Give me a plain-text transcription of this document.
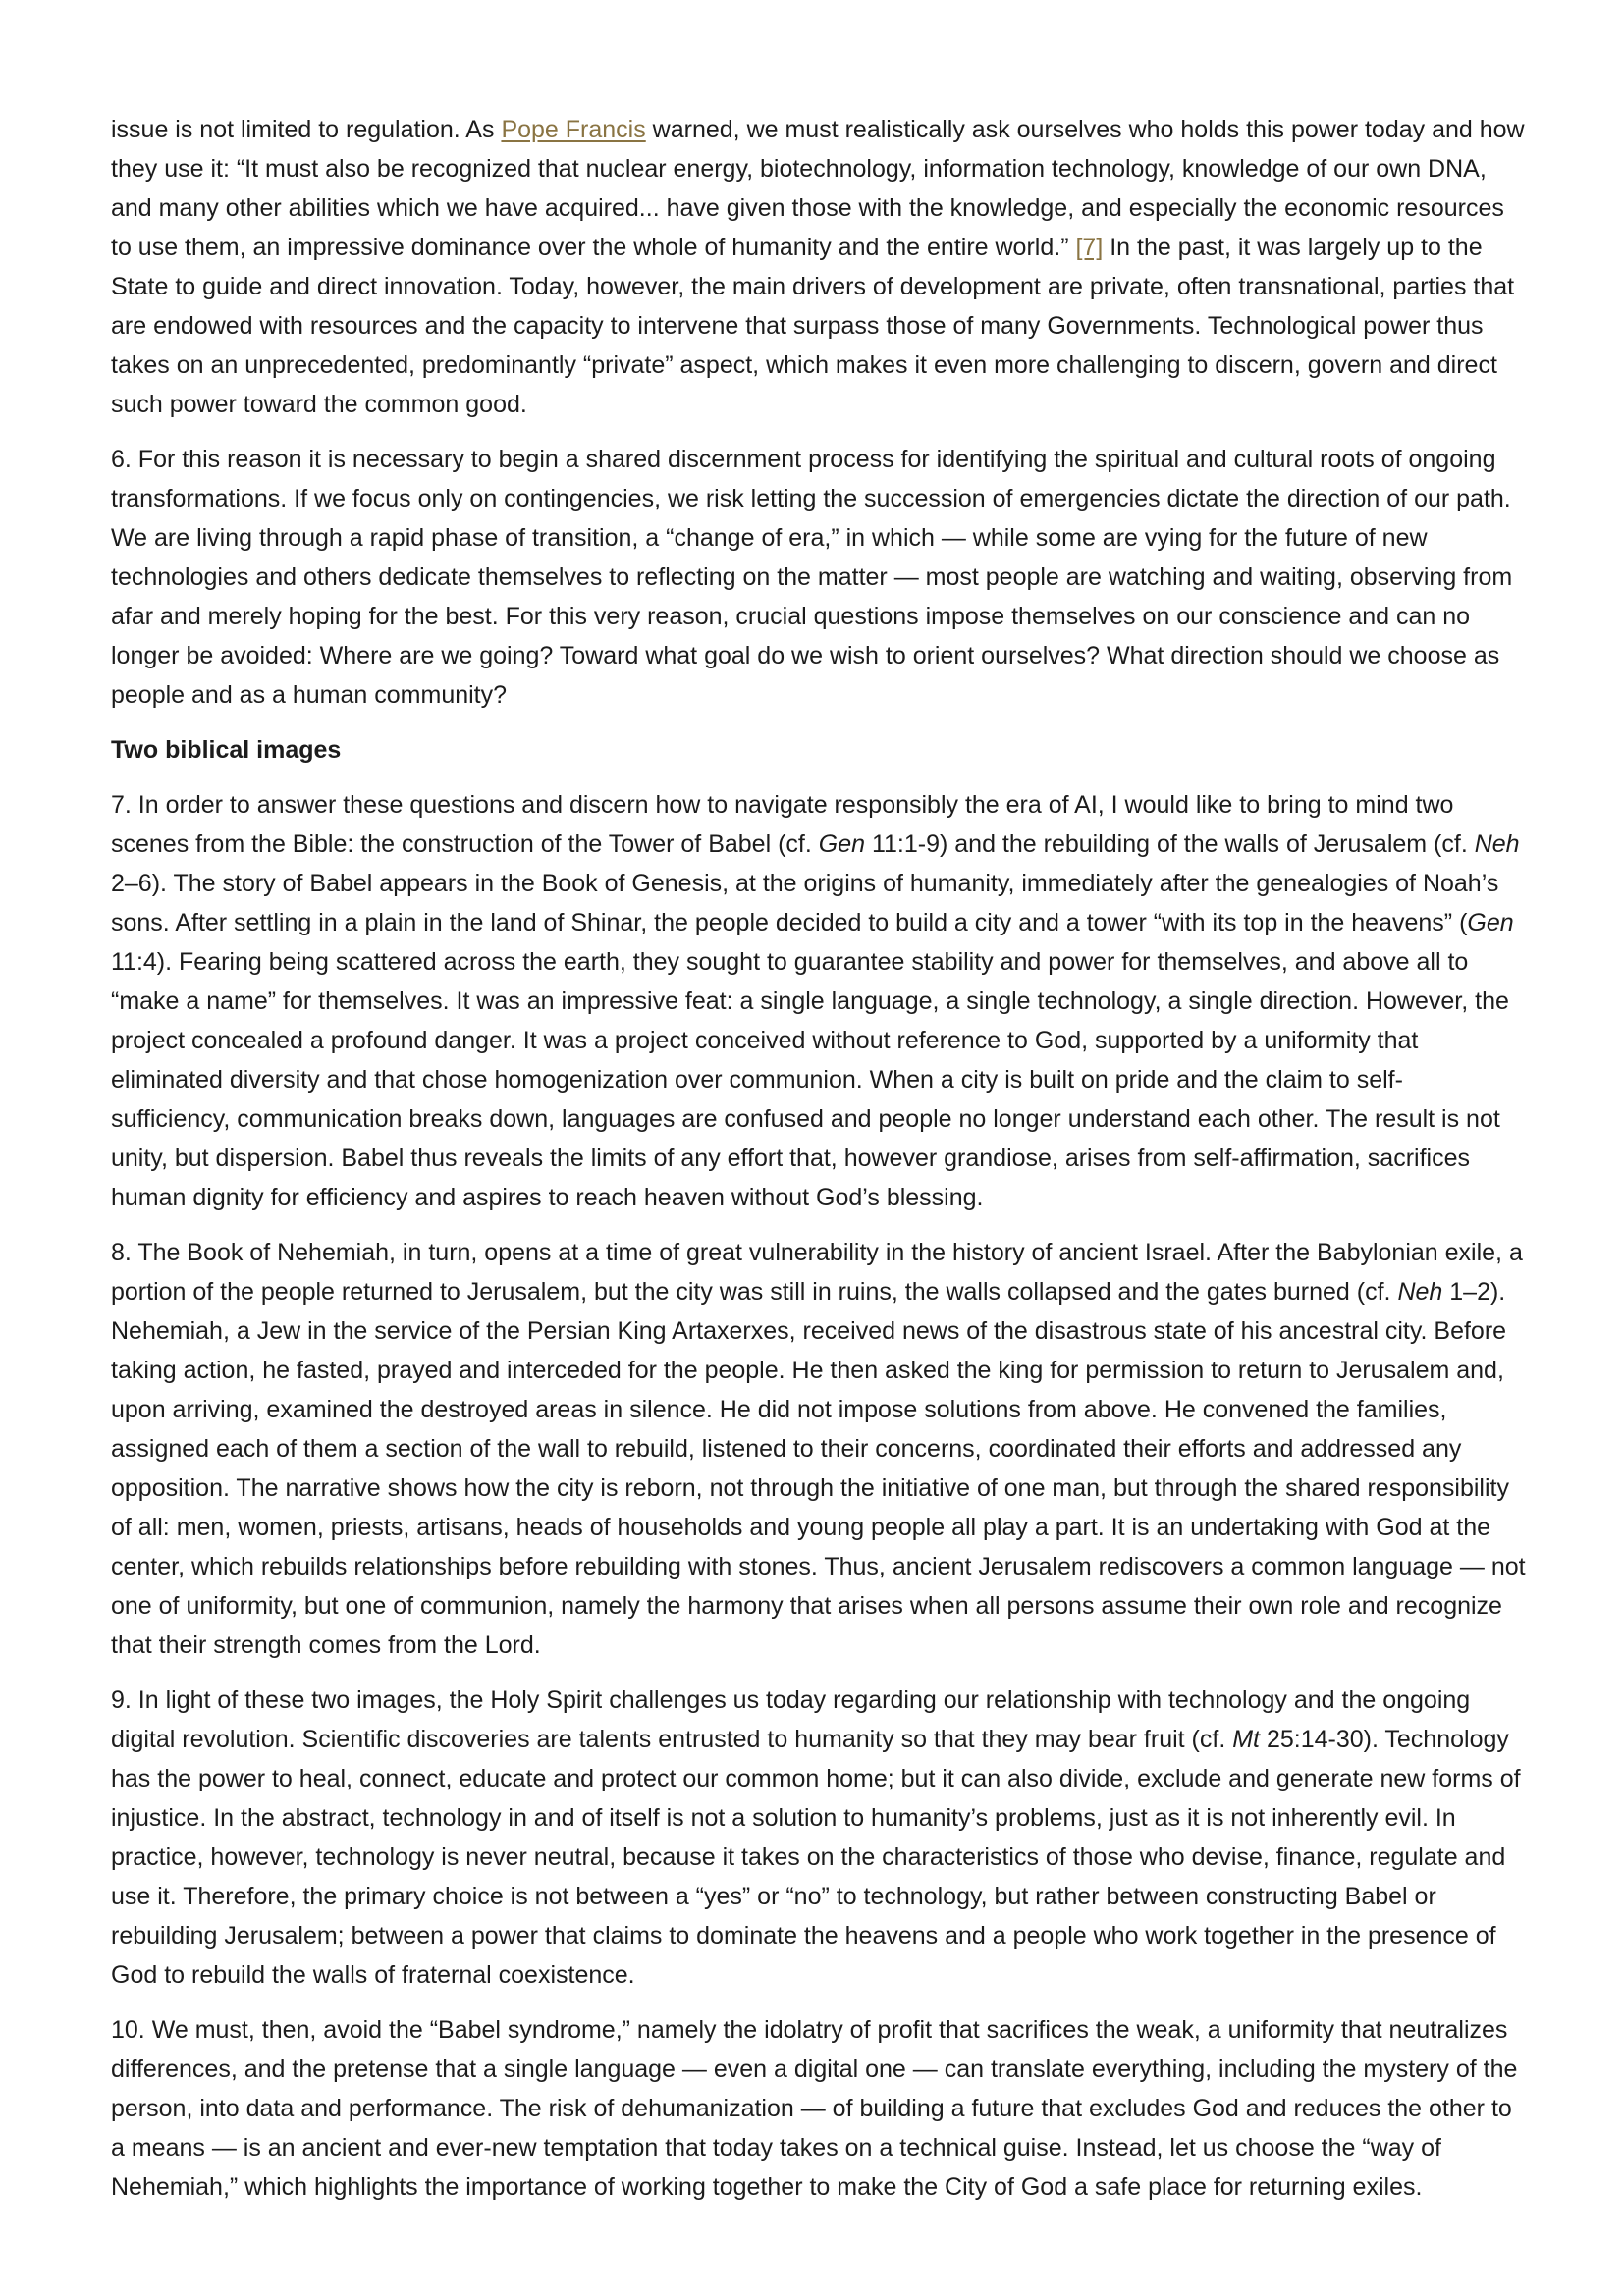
issue is not limited to regulation. As Pope Francis warned, we must realistically ask ourselves who holds this power today and how
they use it: “It must also be recognized that nuclear energy, biotechnology, information technology, knowledge of our own DNA,
and many other abilities which we have acquired... have given those with the knowledge, and especially the economic resources
to use them, an impressive dominance over the whole of humanity and the entire world.” [7] In the past, it was largely up to the
State to guide and direct innovation. Today, however, the main drivers of development are private, often transnational, parties that
are endowed with resources and the capacity to intervene that surpass those of many Governments. Technological power thus
takes on an unprecedented, predominantly “private” aspect, which makes it even more challenging to discern, govern and direct
such power toward the common good.
6. For this reason it is necessary to begin a shared discernment process for identifying the spiritual and cultural roots of ongoing
transformations. If we focus only on contingencies, we risk letting the succession of emergencies dictate the direction of our path.
We are living through a rapid phase of transition, a “change of era,” in which — while some are vying for the future of new
technologies and others dedicate themselves to reflecting on the matter — most people are watching and waiting, observing from
afar and merely hoping for the best. For this very reason, crucial questions impose themselves on our conscience and can no
longer be avoided: Where are we going? Toward what goal do we wish to orient ourselves? What direction should we choose as
people and as a human community?
Two biblical images
7. In order to answer these questions and discern how to navigate responsibly the era of AI, I would like to bring to mind two
scenes from the Bible: the construction of the Tower of Babel (cf. Gen 11:1-9) and the rebuilding of the walls of Jerusalem (cf. Neh
2–6). The story of Babel appears in the Book of Genesis, at the origins of humanity, immediately after the genealogies of Noah’s
sons. After settling in a plain in the land of Shinar, the people decided to build a city and a tower “with its top in the heavens” (Gen
11:4). Fearing being scattered across the earth, they sought to guarantee stability and power for themselves, and above all to
“make a name” for themselves. It was an impressive feat: a single language, a single technology, a single direction. However, the
project concealed a profound danger. It was a project conceived without reference to God, supported by a uniformity that
eliminated diversity and that chose homogenization over communion. When a city is built on pride and the claim to self-
sufficiency, communication breaks down, languages are confused and people no longer understand each other. The result is not
unity, but dispersion. Babel thus reveals the limits of any effort that, however grandiose, arises from self-affirmation, sacrifices
human dignity for efficiency and aspires to reach heaven without God’s blessing.
8. The Book of Nehemiah, in turn, opens at a time of great vulnerability in the history of ancient Israel. After the Babylonian exile, a
portion of the people returned to Jerusalem, but the city was still in ruins, the walls collapsed and the gates burned (cf. Neh 1–2).
Nehemiah, a Jew in the service of the Persian King Artaxerxes, received news of the disastrous state of his ancestral city. Before
taking action, he fasted, prayed and interceded for the people. He then asked the king for permission to return to Jerusalem and,
upon arriving, examined the destroyed areas in silence. He did not impose solutions from above. He convened the families,
assigned each of them a section of the wall to rebuild, listened to their concerns, coordinated their efforts and addressed any
opposition. The narrative shows how the city is reborn, not through the initiative of one man, but through the shared responsibility
of all: men, women, priests, artisans, heads of households and young people all play a part. It is an undertaking with God at the
center, which rebuilds relationships before rebuilding with stones. Thus, ancient Jerusalem rediscovers a common language — not
one of uniformity, but one of communion, namely the harmony that arises when all persons assume their own role and recognize
that their strength comes from the Lord.
9. In light of these two images, the Holy Spirit challenges us today regarding our relationship with technology and the ongoing
digital revolution. Scientific discoveries are talents entrusted to humanity so that they may bear fruit (cf. Mt 25:14-30). Technology
has the power to heal, connect, educate and protect our common home; but it can also divide, exclude and generate new forms of
injustice. In the abstract, technology in and of itself is not a solution to humanity’s problems, just as it is not inherently evil. In
practice, however, technology is never neutral, because it takes on the characteristics of those who devise, finance, regulate and
use it. Therefore, the primary choice is not between a “yes” or “no” to technology, but rather between constructing Babel or
rebuilding Jerusalem; between a power that claims to dominate the heavens and a people who work together in the presence of
God to rebuild the walls of fraternal coexistence.
10. We must, then, avoid the “Babel syndrome,” namely the idolatry of profit that sacrifices the weak, a uniformity that neutralizes
differences, and the pretense that a single language — even a digital one — can translate everything, including the mystery of the
person, into data and performance. The risk of dehumanization — of building a future that excludes God and reduces the other to
a means — is an ancient and ever-new temptation that today takes on a technical guise. Instead, let us choose the “way of
Nehemiah,” which highlights the importance of working together to make the City of God a safe place for returning exiles.
